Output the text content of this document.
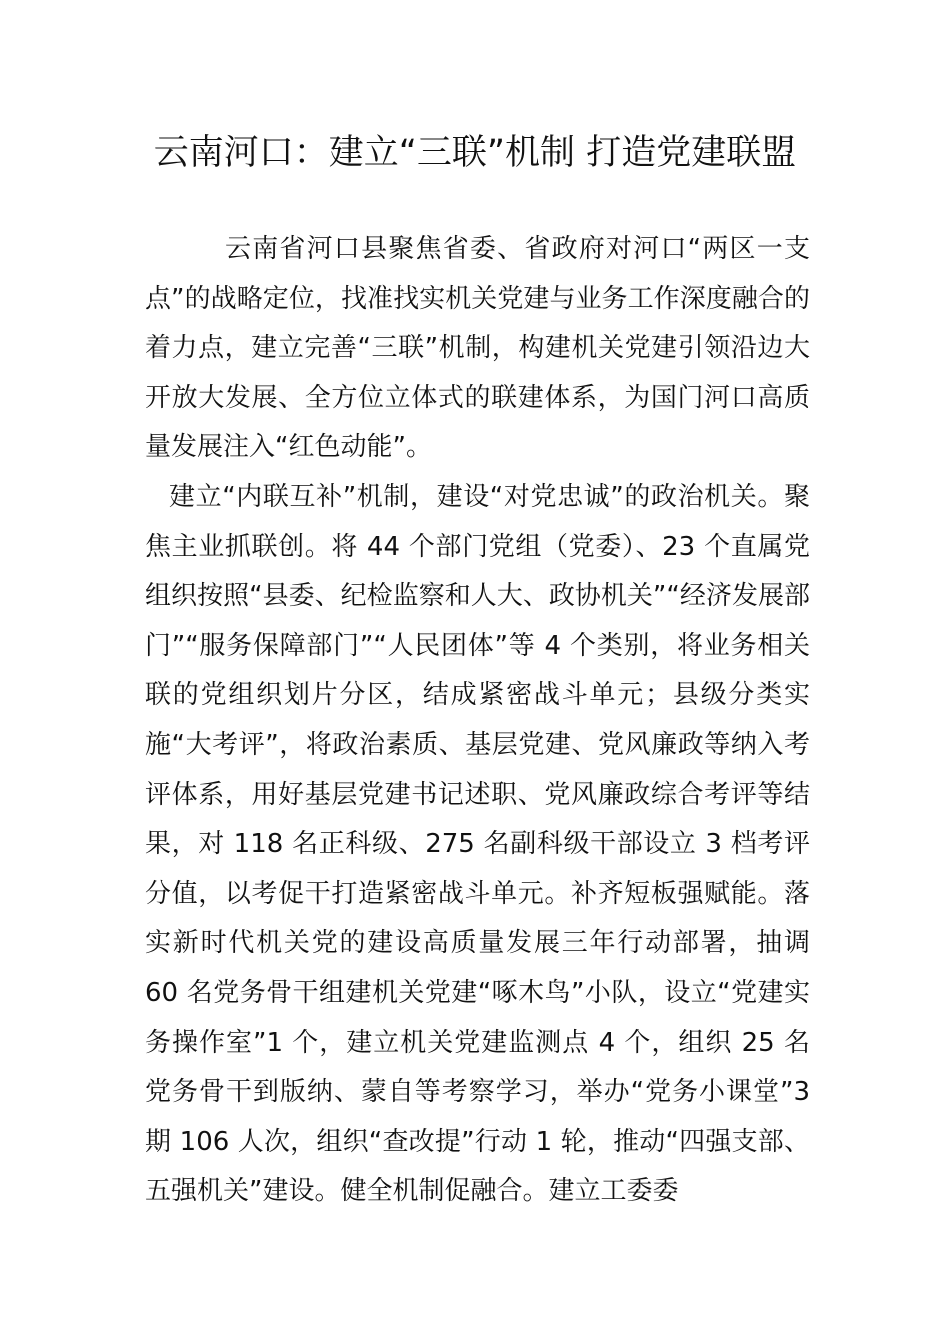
云南河口：建立“三联”机制 打造党建联盟

云南省河口县聚焦省委、省政府对河口“两区一支点”的战略定位，找准找实机关党建与业务工作深度融合的着力点，建立完善“三联”机制，构建机关党建引领沿边大开放大发展、全方位立体式的联建体系，为国门河口高质量发展注入“红色动能”。

建立“内联互补”机制，建设“对党忠诚”的政治机关。聚焦主业抓联创。将 44 个部门党组（党委）、23 个直属党组织按照“县委、纪检监察和人大、政协机关”“经济发展部门”“服务保障部门”“人民团体”等 4 个类别，将业务相关联的党组织划片分区，结成紧密战斗单元；县级分类实施“大考评”，将政治素质、基层党建、党风廉政等纳入考评体系，用好基层党建书记述职、党风廉政综合考评等结果，对 118 名正科级、275 名副科级干部设立 3 档考评分值，以考促干打造紧密战斗单元。补齐短板强赋能。落实新时代机关党的建设高质量发展三年行动部署，抽调 60 名党务骨干组建机关党建“啄木鸟”小队，设立“党建实务操作室”1 个，建立机关党建监测点 4 个，组织 25 名党务骨干到版纳、蒙自等考察学习，举办“党务小课堂”3 期 106 人次，组织“查改提”行动 1 轮，推动“四强支部、五强机关”建设。健全机制促融合。建立工委委
